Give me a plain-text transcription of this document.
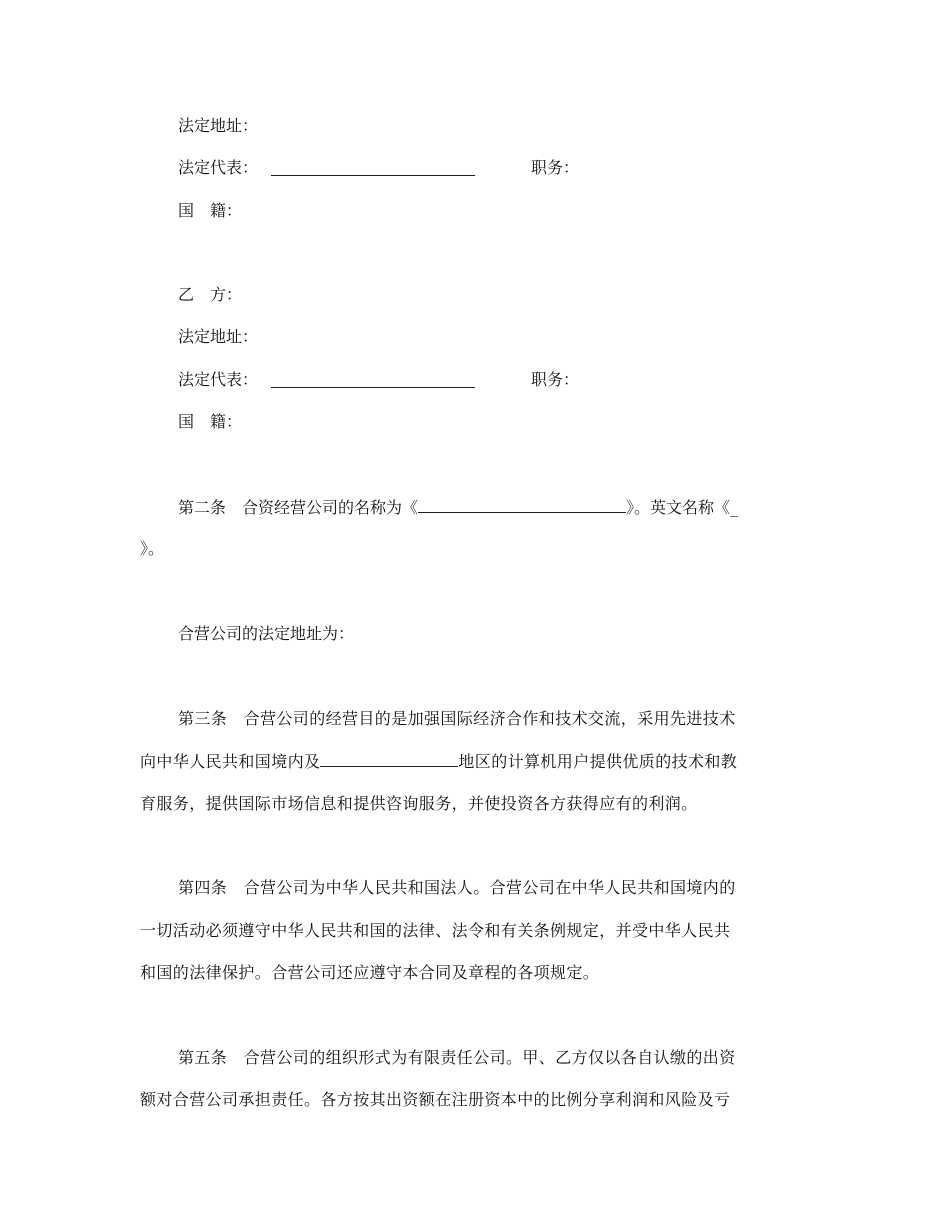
法定地址：
法定代表：	职务：
国　籍：
乙　方：
法定地址：
法定代表：	职务：
国　籍：
第二条　合资经营公司的名称为《	》。英文名称《_
》。
合营公司的法定地址为：
第三条　合营公司的经营目的是加强国际经济合作和技术交流，采用先进技术
向中华人民共和国境内及	地区的计算机用户提供优质的技术和教
育服务，提供国际市场信息和提供咨询服务，并使投资各方获得应有的利润。
第四条　合营公司为中华人民共和国法人。合营公司在中华人民共和国境内的
一切活动必须遵守中华人民共和国的法律、法令和有关条例规定，并受中华人民共
和国的法律保护。合营公司还应遵守本合同及章程的各项规定。
第五条　合营公司的组织形式为有限责任公司。甲、乙方仅以各自认缴的出资
额对合营公司承担责任。各方按其出资额在注册资本中的比例分享利润和风险及亏
